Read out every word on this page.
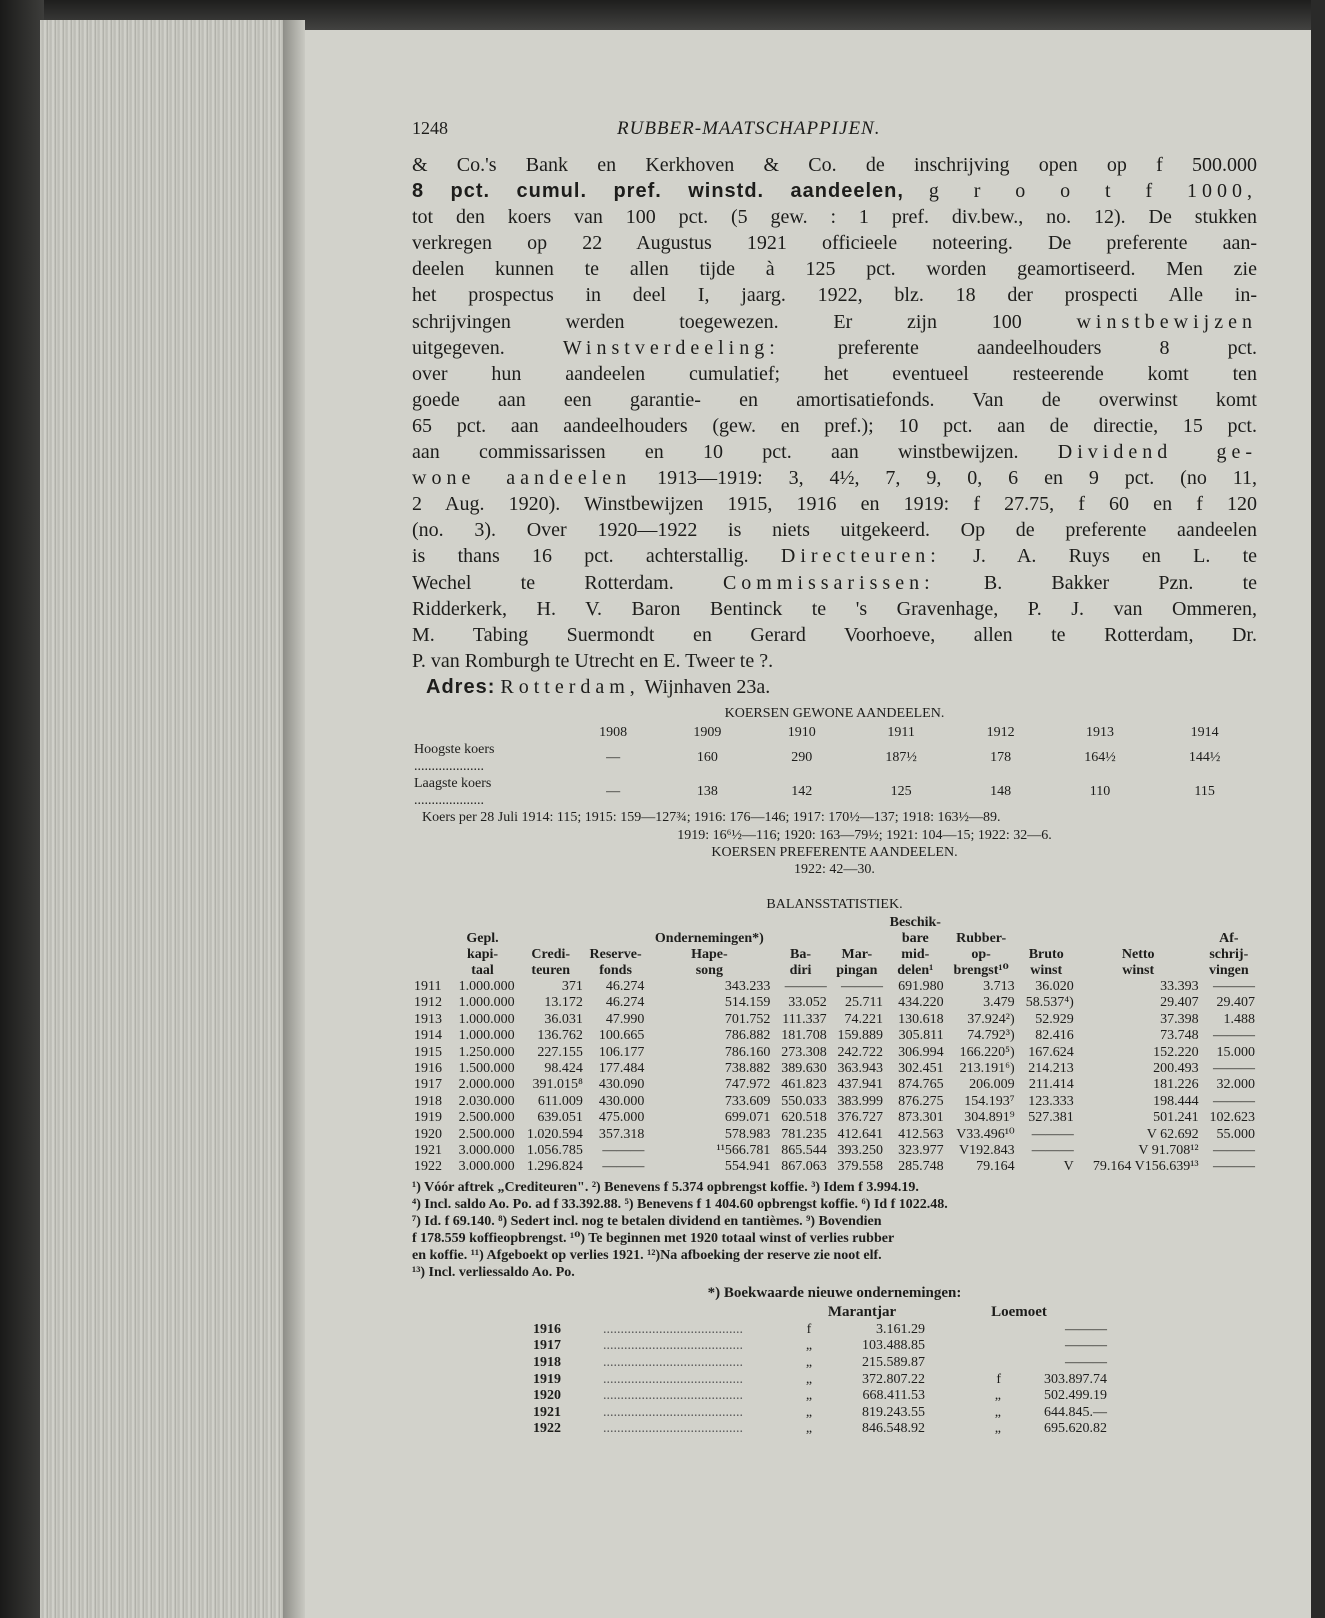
1248	RUBBER-MAATSCHAPPIJEN.
& Co.'s Bank en Kerkhoven & Co. de inschrijving open op f 500.000
8 pct. cumul. pref. winstd. aandeelen, g r o o t f 1000,
tot den koers van 100 pct. (5 gew. : 1 pref. div.bew., no. 12). De stukken
verkregen op 22 Augustus 1921 officieele noteering. De preferente aan-
deelen kunnen te allen tijde à 125 pct. worden geamortiseerd. Men zie
het prospectus in deel I, jaarg. 1922, blz. 18 der prospecti Alle in-
schrijvingen werden toegewezen. Er zijn 100	winstbewijzen
uitgegeven.	Winstverdeeling:	preferente aandeelhouders 8 pct.
over hun aandeelen cumulatief; het eventueel resteerende komt ten
goede aan een garantie- en amortisatiefonds. Van de overwinst komt
65 pct. aan aandeelhouders (gew. en pref.); 10 pct. aan de directie, 15 pct.
aan commissarissen en 10 pct. aan winstbewijzen. Dividend ge-
wone aandeelen 1913—1919: 3, 4½, 7, 9, 0, 6 en 9 pct. (no 11,
2 Aug. 1920). Winstbewijzen 1915, 1916 en 1919: f 27.75, f 60 en f 120
(no. 3). Over 1920—1922 is niets uitgekeerd. Op de preferente aandeelen
is thans 16 pct. achterstallig. Directeuren: J. A. Ruys en L. te
Wechel te Rotterdam. Commissarissen: B. Bakker Pzn. te
Ridderkerk, H. V. Baron Bentinck te 's Gravenhage, P. J. van Ommeren,
M. Tabing Suermondt en Gerard Voorhoeve, allen te Rotterdam, Dr.
P. van Romburgh te Utrecht en E. Tweer te ?.
Adres: Rotterdam, Wijnhaven 23a.
KOERSEN GEWONE AANDEELEN.
	1908	1909	1910	1911	1912	1913	1914
Hoogste koers ....................	—	160	290	187½	178	164½	144½
Laagste koers ....................	—	138	142	125	148	110	115
Koers per 28 Juli 1914: 115; 1915: 159—127¾; 1916: 176—146; 1917: 170½—137; 1918: 163½—89.
1919: 16⁶½—116; 1920: 163—79½; 1921: 104—15; 1922: 32—6.
KOERSEN PREFERENTE AANDEELEN.
1922: 42—30.
BALANSSTATISTIEK.
							Beschik-				
	Gepl.			Ondernemingen*)			bare	Rubber-			Af-
	kapi-	Credi-	Reserve-	Hape-	Ba-	Mar-	mid-	op-	Bruto	Netto	schrij-
	taal	teuren	fonds	song	diri	pingan	delen¹	brengst¹⁰	winst	winst	vingen
1911	1.000.000	371	46.274	343.233	———	———	691.980	3.713	36.020	33.393	———
1912	1.000.000	13.172	46.274	514.159	33.052	25.711	434.220	3.479	58.537⁴)	29.407	29.407
1913	1.000.000	36.031	47.990	701.752	111.337	74.221	130.618	37.924²)	52.929	37.398	1.488
1914	1.000.000	136.762	100.665	786.882	181.708	159.889	305.811	74.792³)	82.416	73.748	———
1915	1.250.000	227.155	106.177	786.160	273.308	242.722	306.994	166.220⁵)	167.624	152.220	15.000
1916	1.500.000	98.424	177.484	738.882	389.630	363.943	302.451	213.191⁶)	214.213	200.493	———
1917	2.000.000	391.015⁸	430.090	747.972	461.823	437.941	874.765	206.009	211.414	181.226	32.000
1918	2.030.000	611.009	430.000	733.609	550.033	383.999	876.275	154.193⁷	123.333	198.444	———
1919	2.500.000	639.051	475.000	699.071	620.518	376.727	873.301	304.891⁹	527.381	501.241	102.623
1920	2.500.000	1.020.594	357.318	578.983	781.235	412.641	412.563	V33.496¹⁰	———	V 62.692	55.000
1921	3.000.000	1.056.785	———	¹¹566.781	865.544	393.250	323.977	V192.843	———	V 91.708¹²	———
1922	3.000.000	1.296.824	———	554.941	867.063	379.558	285.748	79.164	V	79.164 V156.639¹³	———
¹) Vóór aftrek „Crediteuren". ²) Benevens f 5.374 opbrengst koffie. ³) Idem f 3.994.19.
⁴) Incl. saldo Ao. Po. ad f 33.392.88. ⁵) Benevens f 1 404.60 opbrengst koffie. ⁶) Id f 1022.48.
⁷) Id. f 69.140. ⁸) Sedert incl. nog te betalen dividend en tantièmes. ⁹) Bovendien
f 178.559 koffieopbrengst. ¹⁰) Te beginnen met 1920 totaal winst of verlies rubber
en koffie. ¹¹) Afgeboekt op verlies 1921. ¹²)Na afboeking der reserve zie noot elf.
¹³) Incl. verliessaldo Ao. Po.
*) Boekwaarde nieuwe ondernemingen:
		Marantjar		Loemoet	
1916	........................................	f	3.161.29		———
1917	........................................	„	103.488.85		———
1918	........................................	„	215.589.87		———
1919	........................................	„	372.807.22	f	303.897.74
1920	........................................	„	668.411.53	„	502.499.19
1921	........................................	„	819.243.55	„	644.845.—
1922	........................................	„	846.548.92	„	695.620.82
